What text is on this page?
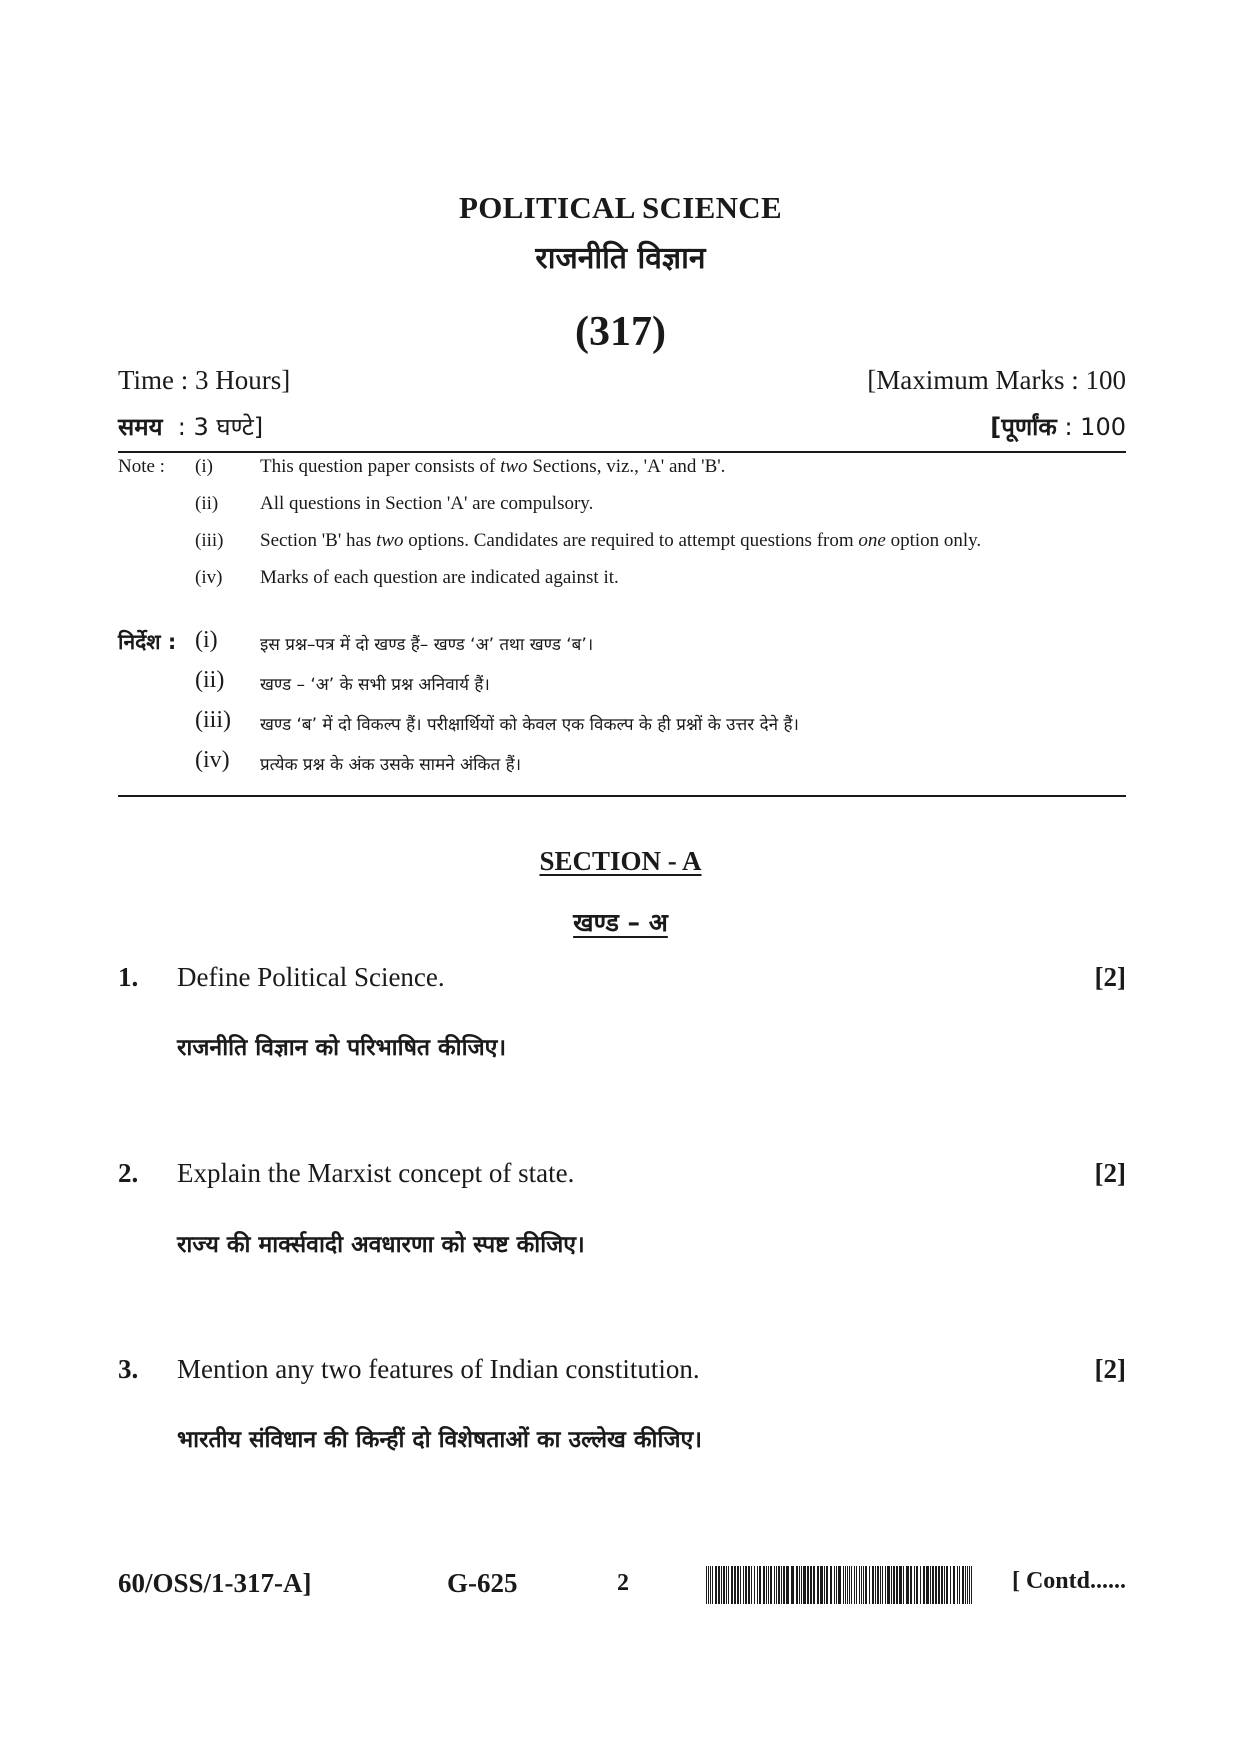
POLITICAL SCIENCE
राजनीति विज्ञान
(317)
Time : 3 Hours]	[Maximum Marks : 100
समय : 3 घण्टे]	[पूर्णांक : 100
Note : (i) This question paper consists of two Sections, viz., 'A' and 'B'.
(ii) All questions in Section 'A' are compulsory.
(iii) Section 'B' has two options. Candidates are required to attempt questions from one option only.
(iv) Marks of each question are indicated against it.
निर्देश : (i) इस प्रश्न–पत्र में दो खण्ड हैं– खण्ड ‘अ’ तथा खण्ड ‘ब’।
(ii) खण्ड – ‘अ’ के सभी प्रश्न अनिवार्य हैं।
(iii) खण्ड ‘ब’ में दो विकल्प हैं। परीक्षार्थियों को केवल एक विकल्प के ही प्रश्नों के उत्तर देने हैं।
(iv) प्रत्येक प्रश्न के अंक उसके सामने अंकित हैं।
SECTION - A
खण्ड – अ
1. Define Political Science.	[2]
राजनीति विज्ञान को परिभाषित कीजिए।
2. Explain the Marxist concept of state.	[2]
राज्य की मार्क्सवादी अवधारणा को स्पष्ट कीजिए।
3. Mention any two features of Indian constitution.	[2]
भारतीय संविधान की किन्हीं दो विशेषताओं का उल्लेख कीजिए।
60/OSS/1-317-A]	G-625	2	[ Contd......
